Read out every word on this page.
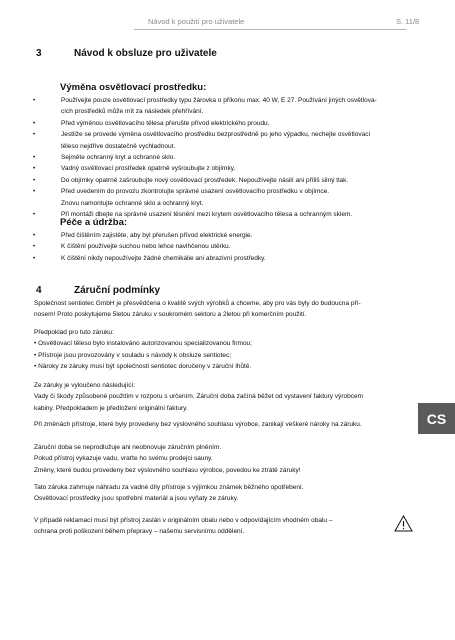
Návod k použití pro uživatele	S. 11/8
3	Návod k obsluze pro uživatele
Výměna osvětlovací prostředku:
• Používejte pouze osvětlovací prostředky typu žárovka o příkonu max. 40 W, E 27. Používání jiných osvětlova-
cích prostředků může mít za následek přehřívání.
• Před výměnou osvětlovacího tělesa přerušte přívod elektrického proudu.
• Jestliže se provede výměna osvětlovacího prostředku bezprostředně po jeho výpadku, nechejte osvětlovací
těleso nejdříve dostatečně vychladnout.
• Sejměte ochranný kryt a ochranné sklo.
• Vadný osvětlovací prostředek opatrně vyšroubujte z objímky.
• Do objímky opatrně zašroubujte nový osvětlovací prostředek. Nepoužívejte násilí ani příliš silný tlak.
• Před uvedením do provozu zkontrolujte správné usazení osvětlovacího prostředku v objímce.
Znovu namontujte ochranné sklo a ochranný kryt.
• Při montáži dbejte na správné usazení těsnění mezi krytem osvětlovacího tělesa a ochranným sklem.
Péče a údržba:
• Před čištěním zajistěte, aby byl přerušen přívod elektrické energie.
• K čištění používejte suchou nebo lehce navlhčenou utěrku.
• K čištění nikdy nepoužívejte žádné chemikálie ani abrazivní prostředky.
4	Záruční podmínky
Společnost sentiotec GmbH je přesvědčena o kvalitě svých výrobků a chceme, aby pro vás byly do budoucna pří-
nosem! Proto poskytujeme 5letou záruku v soukromém sektoru a 2letou při komerčním použití.
Předpoklad pro tuto záruku:
• Osvětlovací těleso bylo instalováno autorizovanou specializovanou firmou;
• Přístroje jsou provozovány v souladu s návody k obsluze sentiotec;
• Nároky ze záruky musí být společnosti sentiotec doručeny v záruční lhůtě.
Ze záruky je vyloučeno následující:
Vady či škody způsobené použitím v rozporu s určením. Záruční doba začíná běžet od vystavení faktury výrobcem
kabiny. Předpokladem je předložení originální faktury.
Při změnách přístroje, které byly provedeny bez výslovného souhlasu výrobce, zanikají veškeré nároky na záruku.
Záruční doba se neprodlužuje ani neobnovuje záručním plněním.
Pokud přístroj vykazuje vadu, vraťte ho svému prodejci sauny.
Změny, které budou provedeny bez výslovného souhlasu výrobce, povedou ke ztrátě záruky!
Tato záruka zahrnuje náhradu za vadné díly přístroje s výjimkou známek běžného opotřebení.
Osvětlovací prostředky jsou spotřební materiál a jsou vyňaty ze záruky.
V případě reklamací musí být přístroj zaslán v originálním obalu nebo v odpovídajícím vhodném obalu –
ochrana proti poškození během přepravy – našemu servisnímu oddělení.
CS
